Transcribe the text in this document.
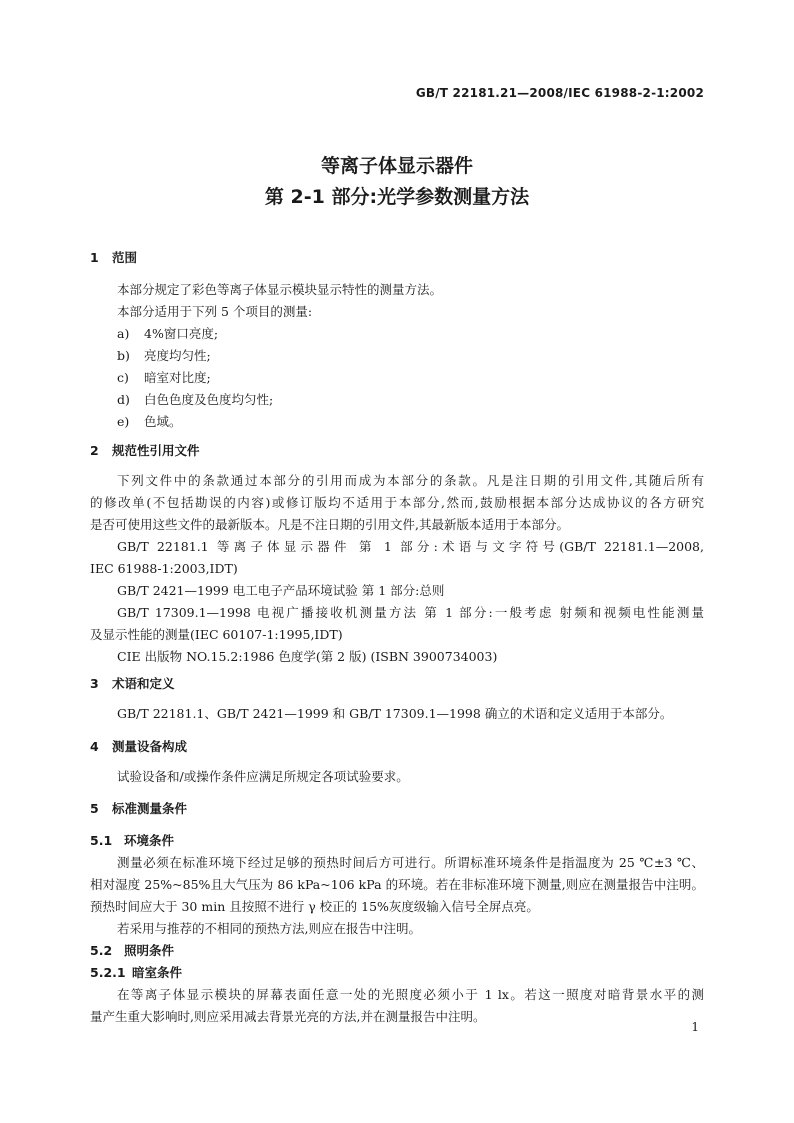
GB/T 22181.21—2008/IEC 61988-2-1:2002
等离子体显示器件
第 2-1 部分:光学参数测量方法
1 范围
本部分规定了彩色等离子体显示模块显示特性的测量方法。
本部分适用于下列 5 个项目的测量:
a) 4%窗口亮度;
b) 亮度均匀性;
c) 暗室对比度;
d) 白色色度及色度均匀性;
e) 色域。
2 规范性引用文件
下列文件中的条款通过本部分的引用而成为本部分的条款。凡是注日期的引用文件,其随后所有
的修改单(不包括勘误的内容)或修订版均不适用于本部分,然而,鼓励根据本部分达成协议的各方研究
是否可使用这些文件的最新版本。凡是不注日期的引用文件,其最新版本适用于本部分。
GB/T 22181.1 等离子体显示器件 第 1 部分:术语与文字符号(GB/T 22181.1—2008,
IEC 61988-1:2003,IDT)
GB/T 2421—1999 电工电子产品环境试验 第 1 部分:总则
GB/T 17309.1—1998 电视广播接收机测量方法 第 1 部分:一般考虑 射频和视频电性能测量
及显示性能的测量(IEC 60107-1:1995,IDT)
CIE 出版物 NO.15.2:1986 色度学(第 2 版) (ISBN 3900734003)
3 术语和定义
GB/T 22181.1、GB/T 2421—1999 和 GB/T 17309.1—1998 确立的术语和定义适用于本部分。
4 测量设备构成
试验设备和/或操作条件应满足所规定各项试验要求。
5 标准测量条件
5.1 环境条件
测量必须在标准环境下经过足够的预热时间后方可进行。所谓标准环境条件是指温度为 25 ℃±3 ℃、
相对湿度 25%~85%且大气压为 86 kPa~106 kPa 的环境。若在非标准环境下测量,则应在测量报告中注明。
预热时间应大于 30 min 且按照不进行 γ 校正的 15%灰度级输入信号全屏点亮。
若采用与推荐的不相同的预热方法,则应在报告中注明。
5.2 照明条件
5.2.1 暗室条件
在等离子体显示模块的屏幕表面任意一处的光照度必须小于 1 lx。若这一照度对暗背景水平的测
量产生重大影响时,则应采用减去背景光亮的方法,并在测量报告中注明。
1
